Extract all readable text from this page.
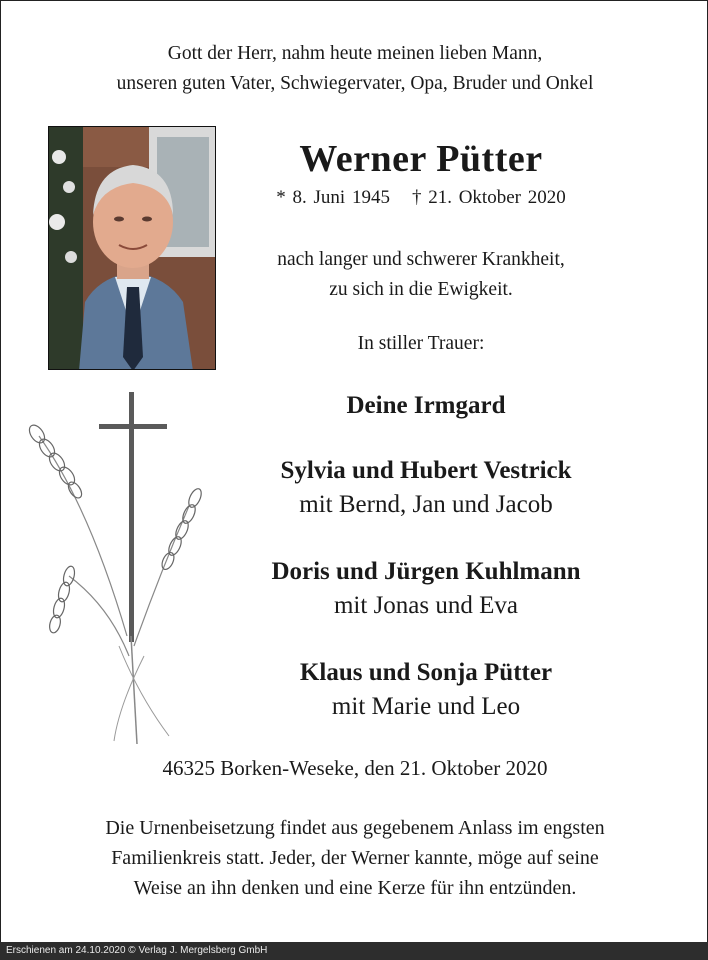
Gott der Herr, nahm heute meinen lieben Mann,
unseren guten Vater, Schwiegervater, Opa, Bruder und Onkel
Werner Pütter
* 8. Juni 1945 † 21. Oktober 2020
nach langer und schwerer Krankheit,
zu sich in die Ewigkeit.
In stiller Trauer:
Deine Irmgard
Sylvia und Hubert Vestrick
mit Bernd, Jan und Jacob
Doris und Jürgen Kuhlmann
mit Jonas und Eva
Klaus und Sonja Pütter
mit Marie und Leo
46325 Borken-Weseke, den 21. Oktober 2020
Die Urnenbeisetzung findet aus gegebenem Anlass im engsten
Familienkreis statt. Jeder, der Werner kannte, möge auf seine
Weise an ihn denken und eine Kerze für ihn entzünden.
Erschienen am 24.10.2020 © Verlag J. Mergelsberg GmbH
